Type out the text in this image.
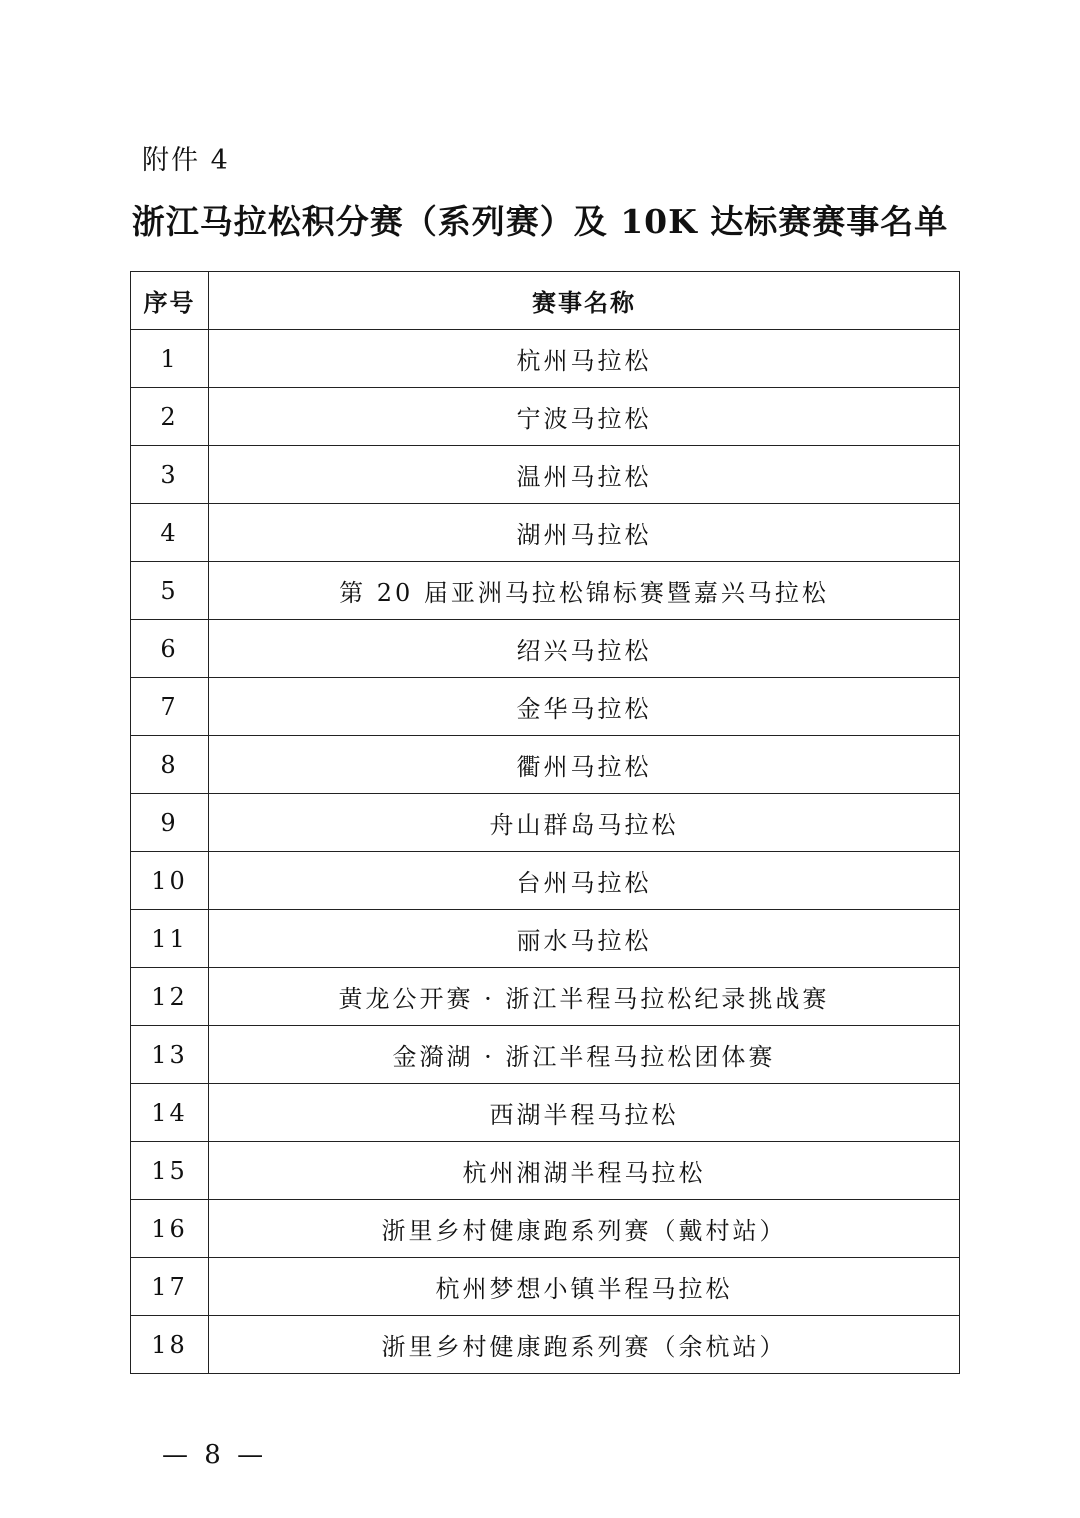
附件 4
浙江马拉松积分赛（系列赛）及 10K 达标赛赛事名单
序号	赛事名称
1	杭州马拉松
2	宁波马拉松
3	温州马拉松
4	湖州马拉松
5	第 20 届亚洲马拉松锦标赛暨嘉兴马拉松
6	绍兴马拉松
7	金华马拉松
8	衢州马拉松
9	舟山群岛马拉松
10	台州马拉松
11	丽水马拉松
12	黄龙公开赛 · 浙江半程马拉松纪录挑战赛
13	金漪湖 · 浙江半程马拉松团体赛
14	西湖半程马拉松
15	杭州湘湖半程马拉松
16	浙里乡村健康跑系列赛（戴村站）
17	杭州梦想小镇半程马拉松
18	浙里乡村健康跑系列赛（余杭站）
— 8 —
